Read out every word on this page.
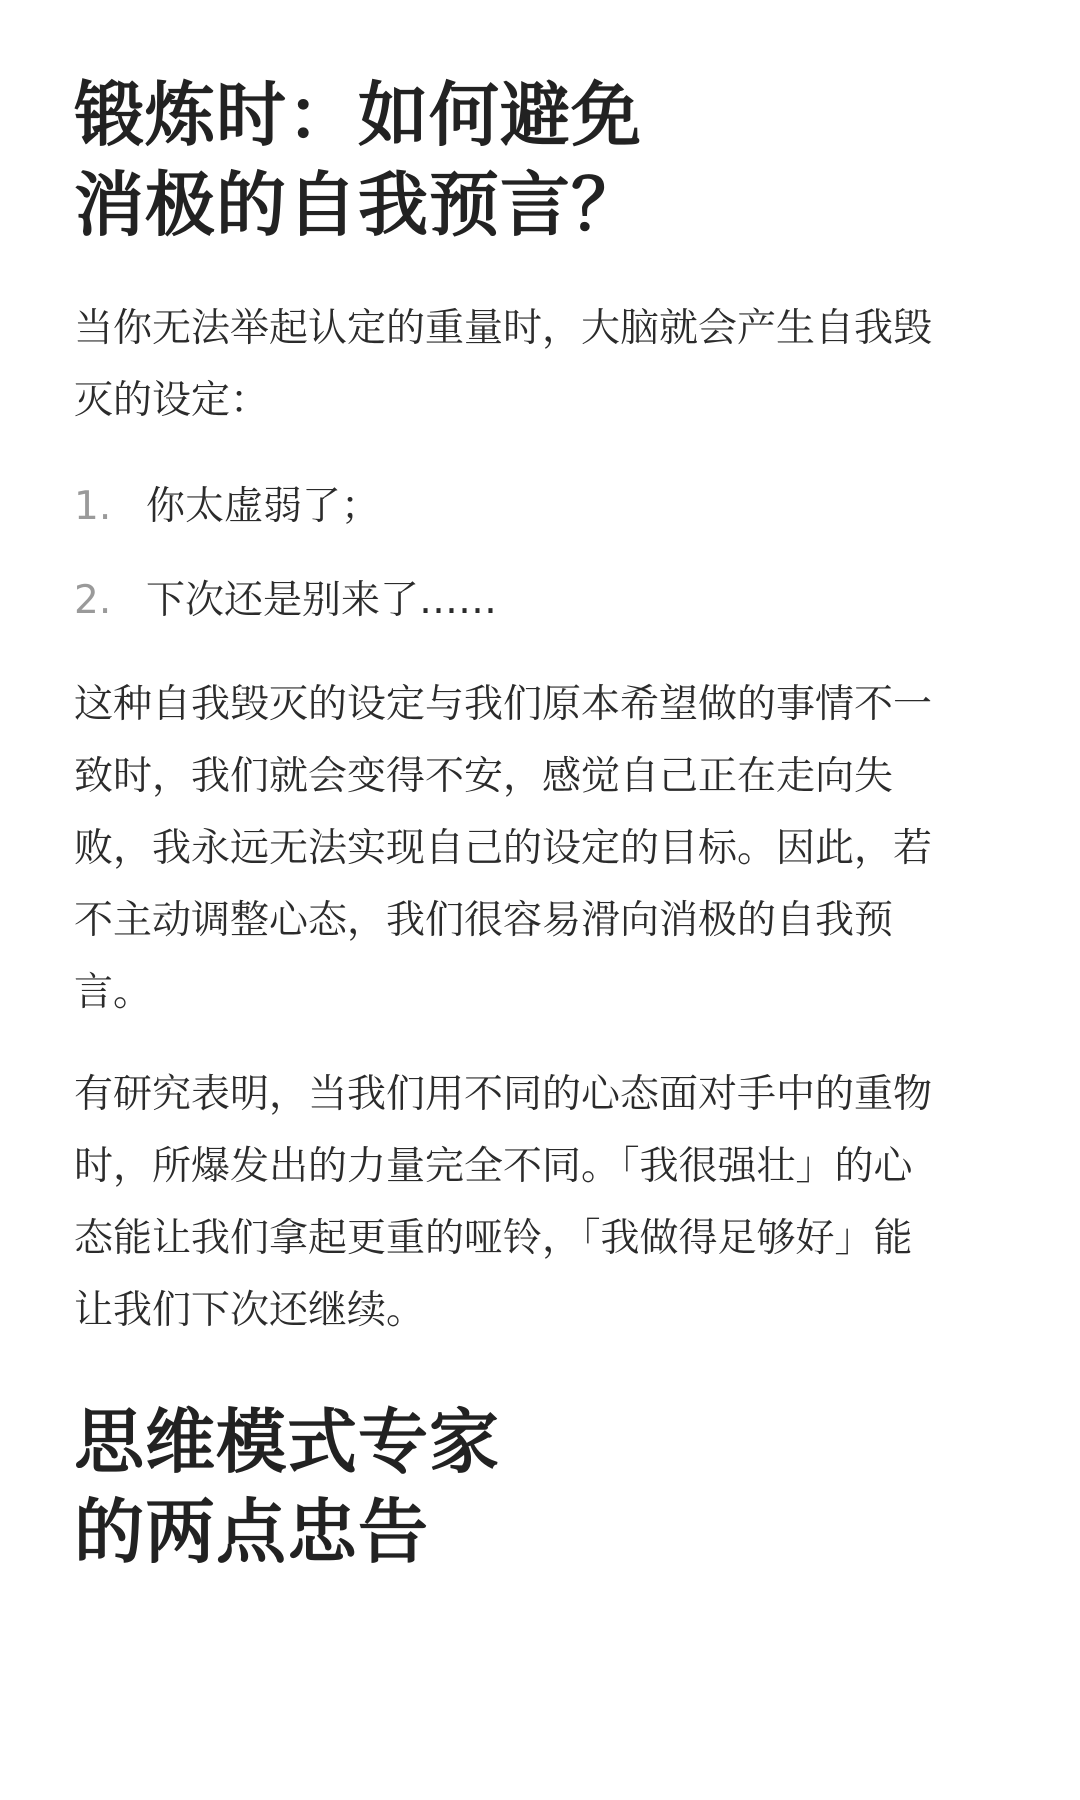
锻炼时：如何避免
消极的自我预言？

当你无法举起认定的重量时，大脑就会产生自我毁
灭的设定：

1. 你太虚弱了；
2. 下次还是别来了……

这种自我毁灭的设定与我们原本希望做的事情不一
致时，我们就会变得不安，感觉自己正在走向失
败，我永远无法实现自己的设定的目标。因此，若
不主动调整心态，我们很容易滑向消极的自我预
言。

有研究表明，当我们用不同的心态面对手中的重物
时，所爆发出的力量完全不同。「我很强壮」的心
态能让我们拿起更重的哑铃，「我做得足够好」能
让我们下次还继续。

思维模式专家
的两点忠告
